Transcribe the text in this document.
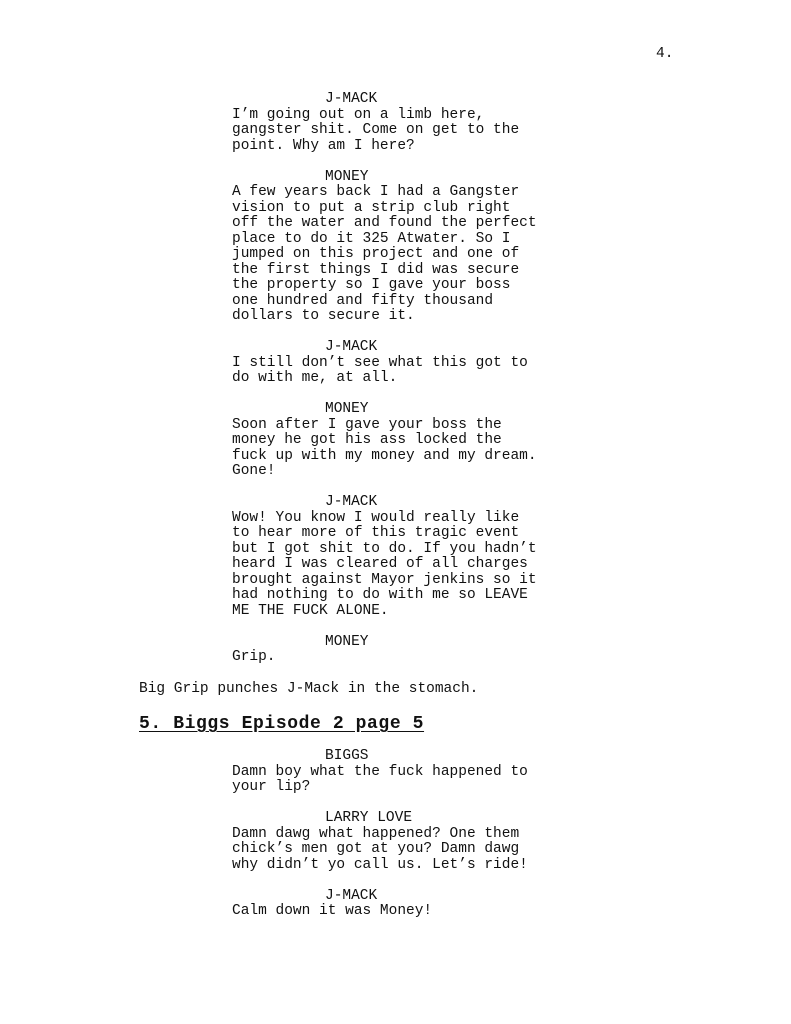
4.
J-MACK
I’m going out on a limb here,
gangster shit. Come on get to the
point. Why am I here?
MONEY
A few years back I had a Gangster
vision to put a strip club right
off the water and found the perfect
place to do it 325 Atwater. So I
jumped on this project and one of
the first things I did was secure
the property so I gave your boss
one hundred and fifty thousand
dollars to secure it.
J-MACK
I still don’t see what this got to
do with me, at all.
MONEY
Soon after I gave your boss the
money he got his ass locked the
fuck up with my money and my dream.
Gone!
J-MACK
Wow! You know I would really like
to hear more of this tragic event
but I got shit to do. If you hadn’t
heard I was cleared of all charges
brought against Mayor jenkins so it
had nothing to do with me so LEAVE
ME THE FUCK ALONE.
MONEY
Grip.
Big Grip punches J-Mack in the stomach.
5. Biggs Episode 2 page 5
BIGGS
Damn boy what the fuck happened to
your lip?
LARRY LOVE
Damn dawg what happened? One them
chick’s men got at you? Damn dawg
why didn’t yo call us. Let’s ride!
J-MACK
Calm down it was Money!
